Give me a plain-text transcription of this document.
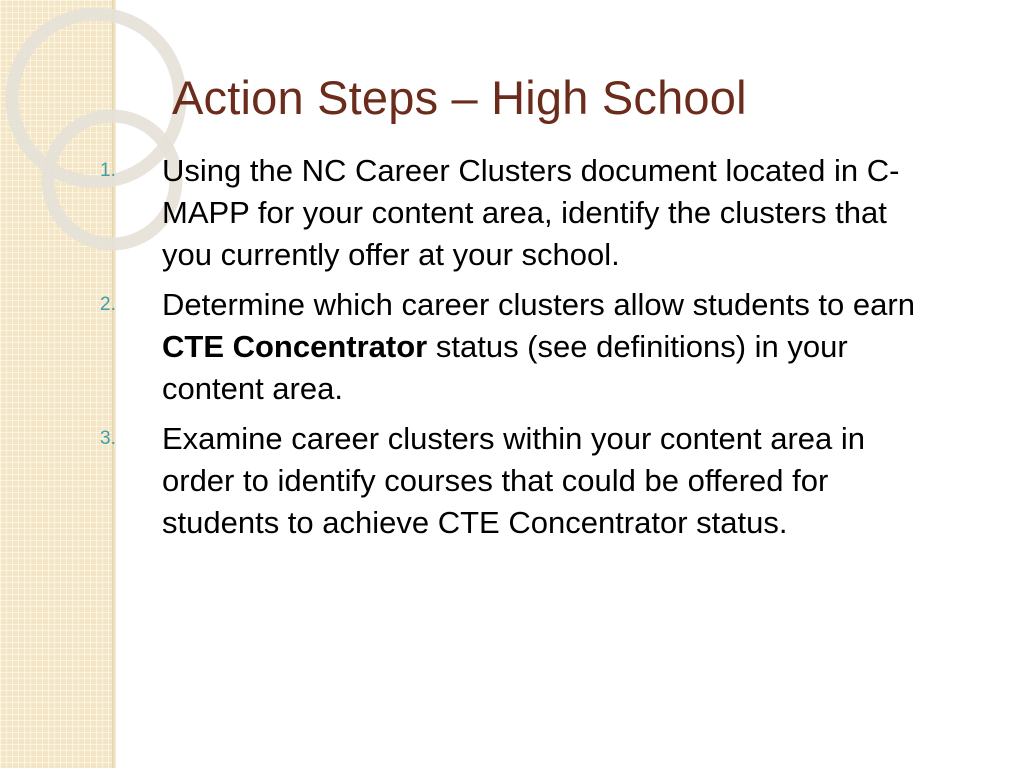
Action Steps – High School
1.	Using the NC Career Clusters document located in C-MAPP for your content area, identify the clusters that you currently offer at your school.
2.	Determine which career clusters allow students to earn CTE Concentrator status (see definitions) in your content area.
3.	Examine career clusters within your content area in order to identify courses that could be offered for students to achieve CTE Concentrator status.
